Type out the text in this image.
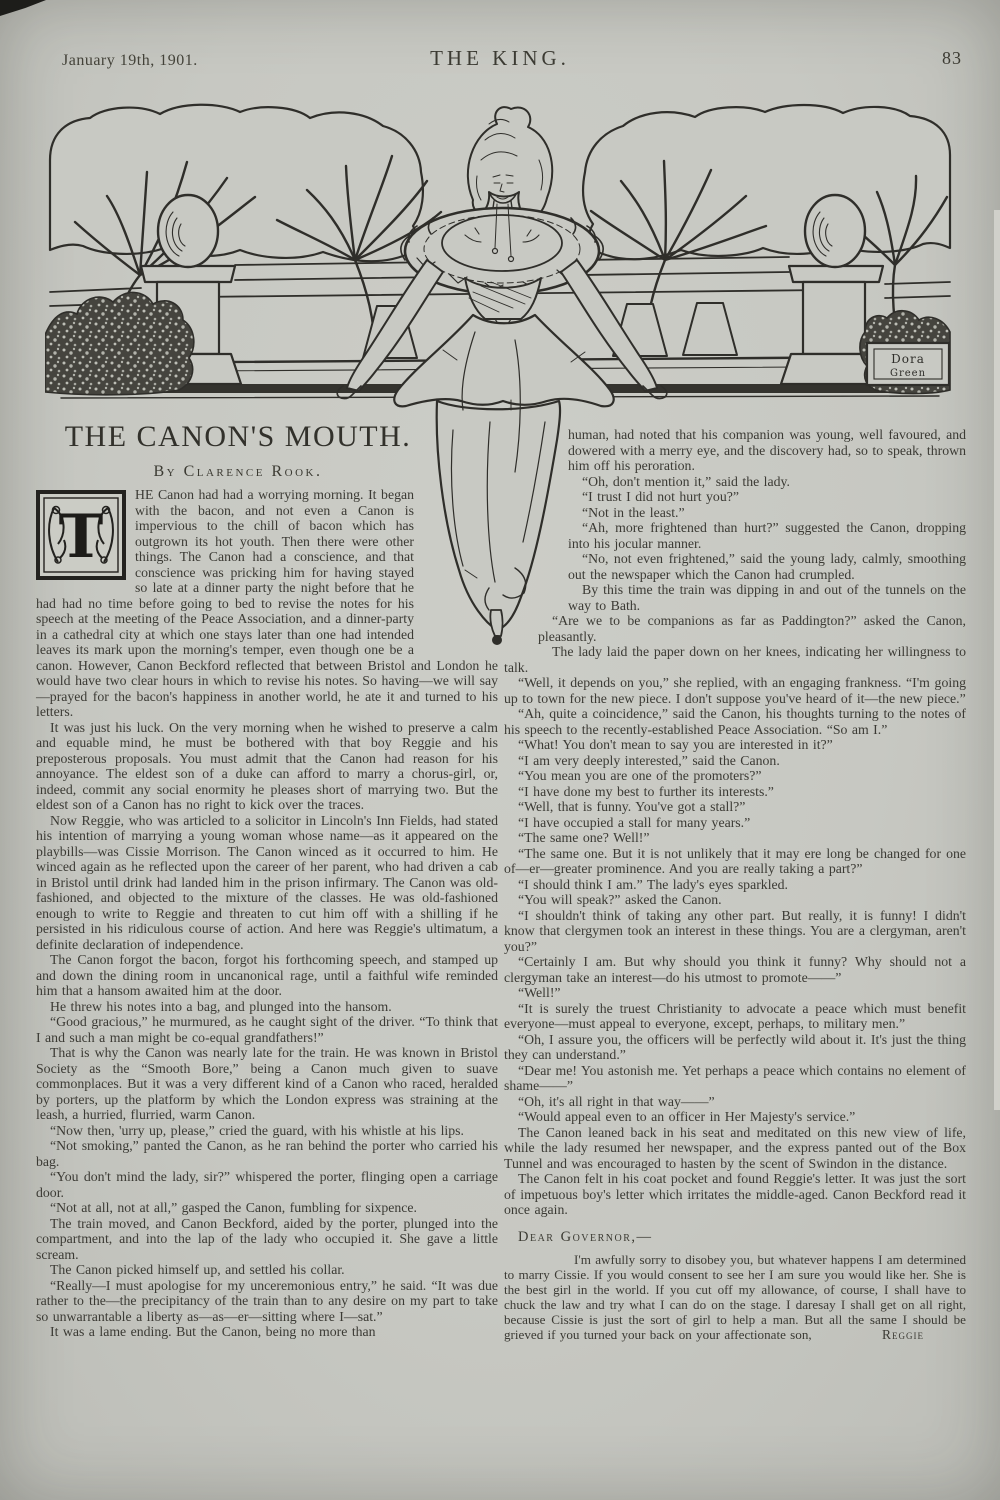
January 19th, 1901.	THE KING.	83
Dora
Green
THE CANON'S MOUTH.
By Clarence Rook.
T

HE Canon had had a worrying morning. It began with the bacon, and not even a Canon is impervious to the chill of bacon which has outgrown its hot youth. Then there were other things. The Canon had a conscience, and that conscience was pricking him for having stayed so late at a dinner party the night before that he had had no time before going to bed to revise the notes for his speech at the meeting of the Peace Association, and a dinner-party in a cathedral city at which one stays later than one had intended leaves its mark upon the morning's temper, even though one be a canon. However, Canon Beckford reflected that between Bristol and London he would have two clear hours in which to revise his notes. So having—we will say—prayed for the bacon's happiness in another world, he ate it and turned to his letters.

It was just his luck. On the very morning when he wished to preserve a calm and equable mind, he must be bothered with that boy Reggie and his preposterous proposals. You must admit that the Canon had reason for his annoyance. The eldest son of a duke can afford to marry a chorus-girl, or, indeed, commit any social enormity he pleases short of marrying two. But the eldest son of a Canon has no right to kick over the traces.

Now Reggie, who was articled to a solicitor in Lincoln's Inn Fields, had stated his intention of marrying a young woman whose name—as it appeared on the playbills—was Cissie Morrison. The Canon winced as it occurred to him. He winced again as he reflected upon the career of her parent, who had driven a cab in Bristol until drink had landed him in the prison infirmary. The Canon was old-fashioned, and objected to the mixture of the classes. He was old-fashioned enough to write to Reggie and threaten to cut him off with a shilling if he persisted in his ridiculous course of action. And here was Reggie's ultimatum, a definite declaration of independence.

The Canon forgot the bacon, forgot his forthcoming speech, and stamped up and down the dining room in uncanonical rage, until a faithful wife reminded him that a hansom awaited him at the door.

He threw his notes into a bag, and plunged into the hansom.

“Good gracious,” he murmured, as he caught sight of the driver. “To think that I and such a man might be co-equal grandfathers!”

That is why the Canon was nearly late for the train. He was known in Bristol Society as the “Smooth Bore,” being a Canon much given to suave commonplaces. But it was a very different kind of a Canon who raced, heralded by porters, up the platform by which the London express was straining at the leash, a hurried, flurried, warm Canon.

“Now then, 'urry up, please,” cried the guard, with his whistle at his lips.

“Not smoking,” panted the Canon, as he ran behind the porter who carried his bag.

“You don't mind the lady, sir?” whispered the porter, flinging open a carriage door.

“Not at all, not at all,” gasped the Canon, fumbling for sixpence.

The train moved, and Canon Beckford, aided by the porter, plunged into the compartment, and into the lap of the lady who occupied it. She gave a little scream.

The Canon picked himself up, and settled his collar.

“Really—I must apologise for my unceremonious entry,” he said. “It was due rather to the—the precipitancy of the train than to any desire on my part to take so unwarrantable a liberty as—as—er—sitting where I—sat.”

It was a lame ending. But the Canon, being no more than

human, had noted that his companion was young, well favoured, and dowered with a merry eye, and the discovery had, so to speak, thrown him off his peroration.

“Oh, don't mention it,” said the lady.

“I trust I did not hurt you?”

“Not in the least.”

“Ah, more frightened than hurt?” suggested the Canon, dropping into his jocular manner.

“No, not even frightened,” said the young lady, calmly, smoothing out the newspaper which the Canon had crumpled.

By this time the train was dipping in and out of the tunnels on the way to Bath.

“Are we to be companions as far as Paddington?” asked the Canon, pleasantly.

The lady laid the paper down on her knees, indicating her willingness to talk.

“Well, it depends on you,” she replied, with an engaging frankness. “I'm going up to town for the new piece. I don't suppose you've heard of it—the new piece.”

“Ah, quite a coincidence,” said the Canon, his thoughts turning to the notes of his speech to the recently-established Peace Association. “So am I.”

“What! You don't mean to say you are interested in it?”

“I am very deeply interested,” said the Canon.

“You mean you are one of the promoters?”

“I have done my best to further its interests.”

“Well, that is funny. You've got a stall?”

“I have occupied a stall for many years.”

“The same one? Well!”

“The same one. But it is not unlikely that it may ere long be changed for one of—er—greater prominence. And you are really taking a part?”

“I should think I am.” The lady's eyes sparkled.

“You will speak?” asked the Canon.

“I shouldn't think of taking any other part. But really, it is funny! I didn't know that clergymen took an interest in these things. You are a clergyman, aren't you?”

“Certainly I am. But why should you think it funny? Why should not a clergyman take an interest—do his utmost to promote——”

“Well!”

“It is surely the truest Christianity to advocate a peace which must benefit everyone—must appeal to everyone, except, perhaps, to military men.”

“Oh, I assure you, the officers will be perfectly wild about it. It's just the thing they can understand.”

“Dear me! You astonish me. Yet perhaps a peace which contains no element of shame——”

“Oh, it's all right in that way——”

“Would appeal even to an officer in Her Majesty's service.”

The Canon leaned back in his seat and meditated on this new view of life, while the lady resumed her newspaper, and the express panted out of the Box Tunnel and was encouraged to hasten by the scent of Swindon in the distance.

The Canon felt in his coat pocket and found Reggie's letter. It was just the sort of impetuous boy's letter which irritates the middle-aged. Canon Beckford read it once again.

Dear Governor,—

I'm awfully sorry to disobey you, but whatever happens I am determined to marry Cissie. If you would consent to see her I am sure you would like her. She is the best girl in the world. If you cut off my allowance, of course, I shall have to chuck the law and try what I can do on the stage. I daresay I shall get on all right, because Cissie is just the sort of girl to help a man. But all the same I should be grieved if you turned your back on your affectionate son,	Reggie
